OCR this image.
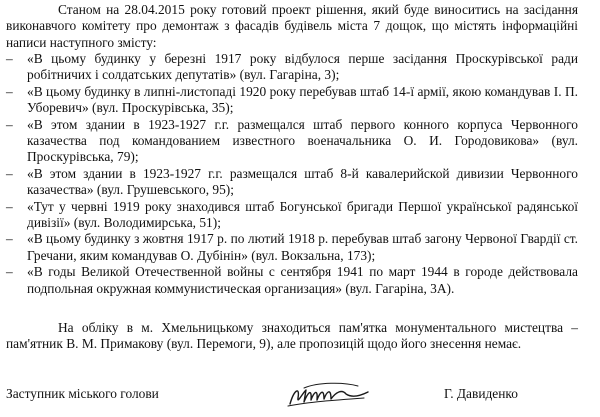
Станом на 28.04.2015 року готовий проект рішення, який буде виноситись на засідання виконавчого комітету про демонтаж з фасадів будівель міста 7 дощок, що містять інформаційні написи наступного змісту:

– «В цьому будинку у березні 1917 року відбулося перше засідання Проскурівської ради робітничих і солдатських депутатів» (вул. Гагаріна, 3);
– «В цьому будинку в липні-листопаді 1920 року перебував штаб 14-ї армії, якою командував І. П. Уборевич» (вул. Проскурівська, 35);
– «В этом здании в 1923-1927 г.г. размещался штаб первого конного корпуса Червонного казачества под командованием известного военачальника О. И. Городовикова» (вул. Проскурівська, 79);
– «В этом здании в 1923-1927 г.г. размещался штаб 8-й кавалерийской дивизии Червонного казачества» (вул. Грушевського, 95);
– «Тут у червні 1919 року знаходився штаб Богунської бригади Першої української радянської дивізії» (вул. Володимирська, 51);
– «В цьому будинку з жовтня 1917 р. по лютий 1918 р. перебував штаб загону Червоної Гвардії ст. Гречани, яким командував О. Дубінін» (вул. Вокзальна, 173);
– «В годы Великой Отечественной войны с сентября 1941 по март 1944 в городе действовала подпольная окружная коммунистическая организация» (вул. Гагаріна, 3А).

На обліку в м. Хмельницькому знаходиться пам'ятка монументального мистецтва – пам'ятник В. М. Примакову (вул. Перемоги, 9), але пропозицій щодо його знесення немає.

Заступник міського голови	Г. Давиденко
